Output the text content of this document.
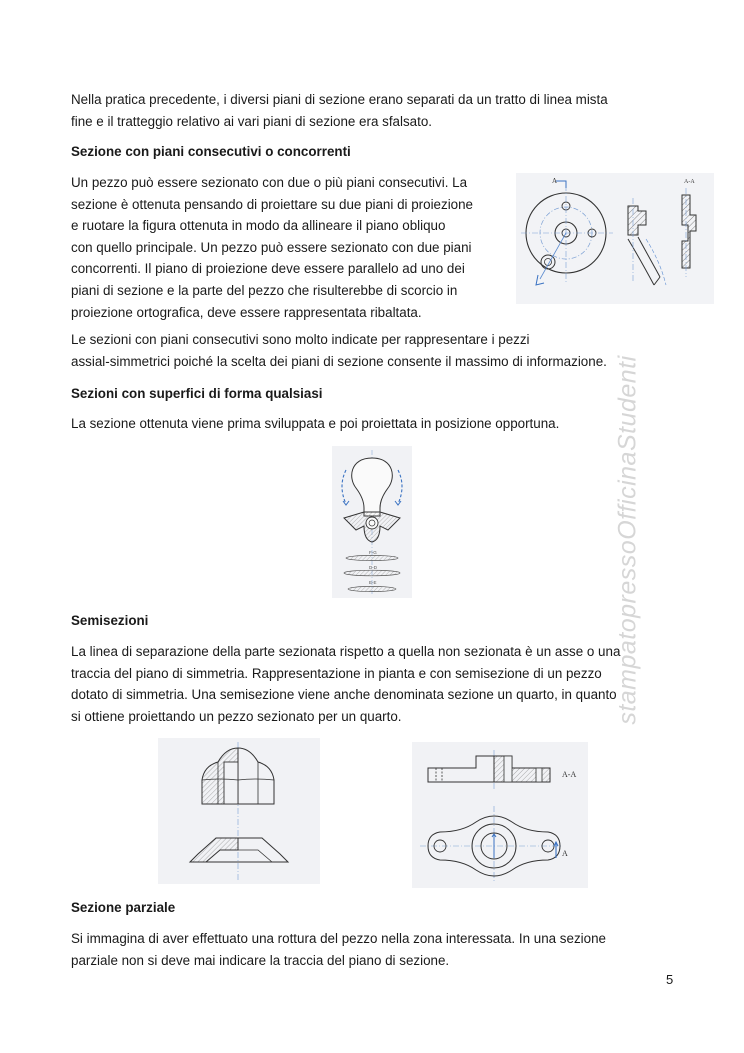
Nella pratica precedente, i diversi piani di sezione erano separati da un tratto di linea mista
fine e il tratteggio relativo ai vari piani di sezione era sfalsato.
Sezione con piani consecutivi o concorrenti
Un pezzo può essere sezionato con due o più piani consecutivi. La
sezione è ottenuta pensando di proiettare su due piani di proiezione
e ruotare la figura ottenuta in modo da allineare il piano obliquo
con quello principale. Un pezzo può essere sezionato con due piani
concorrenti. Il piano di proiezione deve essere parallelo ad uno dei
piani di sezione e la parte del pezzo che risulterebbe di scorcio in
proiezione ortografica, deve essere rappresentata ribaltata.
A	A-A
Le sezioni con piani consecutivi sono molto indicate per rappresentare i pezzi
assial-simmetrici poiché la scelta dei piani di sezione consente il massimo di informazione.
Sezioni con superfici di forma qualsiasi
La sezione ottenuta viene prima sviluppata e poi proiettata in posizione opportuna.
F-G
D-D
E-E
Semisezioni
La linea di separazione della parte sezionata rispetto a quella non sezionata è un asse o una
traccia del piano di simmetria. Rappresentazione in pianta e con semisezione di un pezzo
dotato di simmetria. Una semisezione viene anche denominata sezione un quarto, in quanto
si ottiene proiettando un pezzo sezionato per un quarto.
A-A
A
Sezione parziale
Si immagina di aver effettuato una rottura del pezzo nella zona interessata. In una sezione
parziale non si deve mai indicare la traccia del piano di sezione.
stampatopressoOfficinaStudenti
5
